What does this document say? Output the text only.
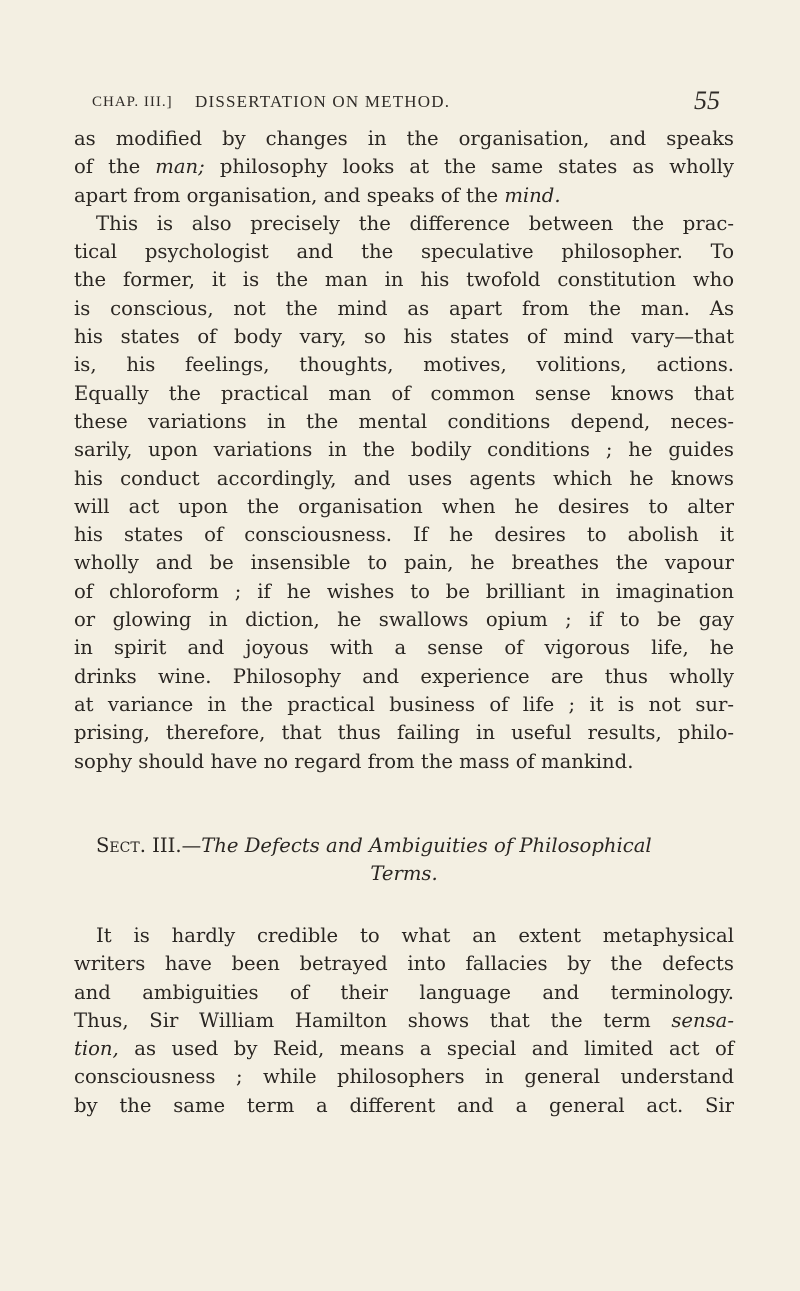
CHAP. III.] DISSERTATION ON METHOD.	55
as modified by changes in the organisation, and speaks
of the man; philosophy looks at the same states as wholly
apart from organisation, and speaks of the mind.
This is also precisely the difference between the prac-
tical psychologist and the speculative philosopher. To
the former, it is the man in his twofold constitution who
is conscious, not the mind as apart from the man. As
his states of body vary, so his states of mind vary—that
is, his feelings, thoughts, motives, volitions, actions.
Equally the practical man of common sense knows that
these variations in the mental conditions depend, neces-
sarily, upon variations in the bodily conditions ; he guides
his conduct accordingly, and uses agents which he knows
will act upon the organisation when he desires to alter
his states of consciousness. If he desires to abolish it
wholly and be insensible to pain, he breathes the vapour
of chloroform ; if he wishes to be brilliant in imagination
or glowing in diction, he swallows opium ; if to be gay
in spirit and joyous with a sense of vigorous life, he
drinks wine. Philosophy and experience are thus wholly
at variance in the practical business of life ; it is not sur-
prising, therefore, that thus failing in useful results, philo-
sophy should have no regard from the mass of mankind.
Sect. III.—The Defects and Ambiguities of Philosophical
Terms.
It is hardly credible to what an extent metaphysical
writers have been betrayed into fallacies by the defects
and ambiguities of their language and terminology.
Thus, Sir William Hamilton shows that the term sensa-
tion, as used by Reid, means a special and limited act of
consciousness ; while philosophers in general understand
by the same term a different and a general act. Sir
